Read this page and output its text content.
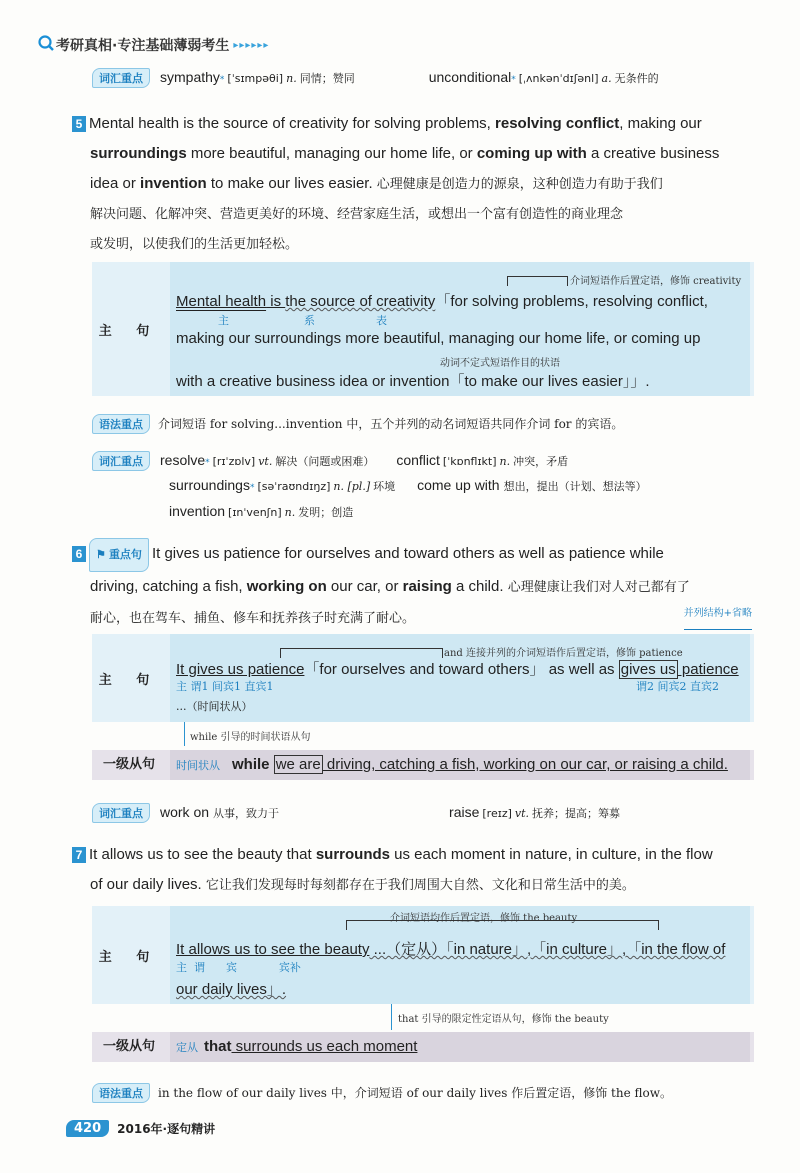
考研真相·专注基础薄弱考生 ▸▸▸▸▸▸
词汇重点	sympathy * [ˈsɪmpəθi] n. 同情；赞同	unconditional * [ˌʌnkənˈdɪʃənl] a. 无条件的
5 Mental health is the source of creativity for solving problems, resolving conflict, making our
surroundings more beautiful, managing our home life, or coming up with a creative business
idea or invention to make our lives easier. 心理健康是创造力的源泉，这种创造力有助于我们
解决问题、化解冲突、营造更美好的环境、经营家庭生活，或想出一个富有创造性的商业理念
或发明，以使我们的生活更加轻松。
主 句
介词短语作后置定语，修饰 creativity
Mental health is the source of creativity「for solving problems, resolving conflict,
主	系	表
making our surroundings more beautiful, managing our home life, or coming up
动词不定式短语作目的状语
with a creative business idea or invention「to make our lives easier」」.
语法重点	介词短语 for solving...invention 中，五个并列的动名词短语共同作介词 for 的宾语。
词汇重点	resolve * [rɪˈzɒlv] vt. 解决（问题或困难） conflict [ˈkɒnflɪkt] n. 冲突，矛盾
surroundings * [səˈraʊndɪŋz] n. [pl.] 环境 come up with 想出，提出（计划、想法等）
invention [ɪnˈvenʃn] n. 发明；创造
6 ⚑ 重点句 It gives us patience for ourselves and toward others as well as patience while
driving, catching a fish, working on our car, or raising a child. 心理健康让我们对人对己都有了
耐心，也在驾车、捕鱼、修车和抚养孩子时充满了耐心。	并列结构+省略
主 句
and 连接并列的介词短语作后置定语，修饰 patience
It gives us patience「for ourselves and toward others」 as well as gives us patience
主 谓1 间宾1 直宾1	谓2 间宾2 直宾2
...（时间状从）
while 引导的时间状语从句
一级从句	时间状从 while we are driving, catching a fish, working on our car, or raising a child.
词汇重点	work on 从事，致力于	raise [reɪz] vt. 抚养；提高；筹募
7 It allows us to see the beauty that surrounds us each moment in nature, in culture, in the flow
of our daily lives. 它让我们发现每时每刻都存在于我们周围大自然、文化和日常生活中的美。
主 句
介词短语均作后置定语，修饰 the beauty
It allows us to see the beauty ...（定从）「in nature」,「in culture」,「in the flow of
主  谓      宾            宾补
our daily lives」.
that 引导的限定性定语从句，修饰 the beauty
一级从句	定从 that surrounds us each moment
语法重点	in the flow of our daily lives 中，介词短语 of our daily lives 作后置定语，修饰 the flow。
420	2016年·逐句精讲
